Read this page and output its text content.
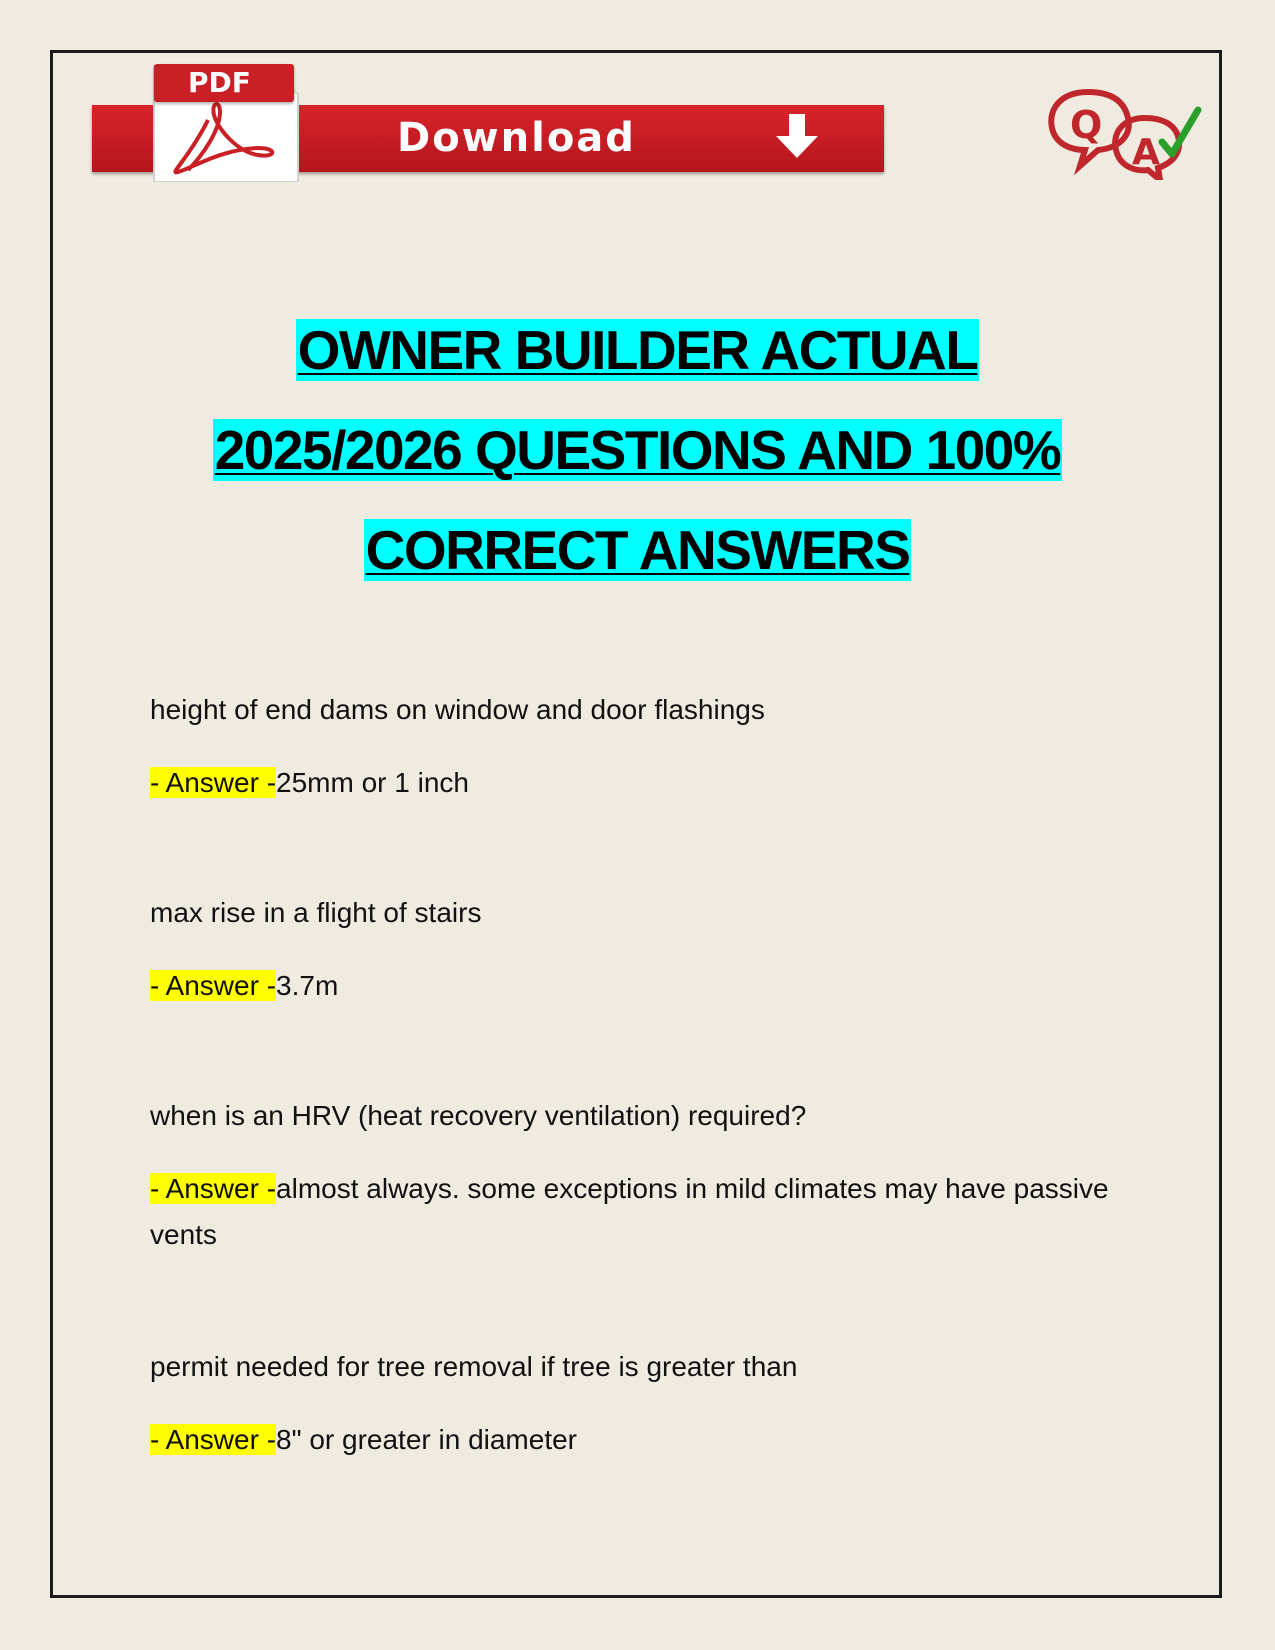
PDF
Download	Q
A
OWNER BUILDER ACTUAL
2025/2026 QUESTIONS AND 100%
CORRECT ANSWERS
height of end dams on window and door flashings
- Answer -25mm or 1 inch
max rise in a flight of stairs
- Answer -3.7m
when is an HRV (heat recovery ventilation) required?
- Answer -almost always. some exceptions in mild climates may have passive vents
permit needed for tree removal if tree is greater than
- Answer -8" or greater in diameter
